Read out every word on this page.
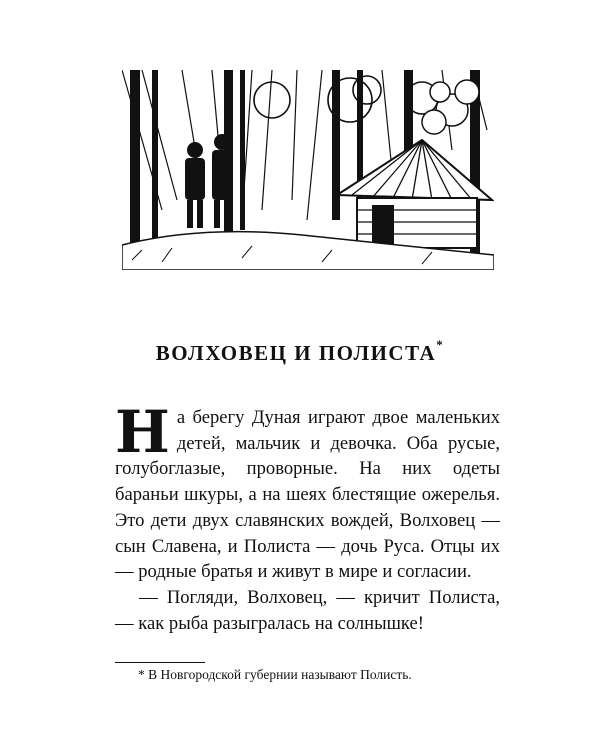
ВОЛХОВЕЦ И ПОЛИСТА*

На берегу Дуная играют двое маленьких детей, мальчик и девочка. Оба русые, голубоглазые, проворные. На них одеты бараньи шкуры, а на шеях блестящие ожерелья. Это дети двух славянских вождей, Волховец — сын Славена, и Полиста — дочь Руса. Отцы их — родные братья и живут в мире и согласии.

— Погляди, Волховец, — кричит Полиста, — как рыба разыгралась на солнышке!

* В Новгородской губернии называют Полисть.
